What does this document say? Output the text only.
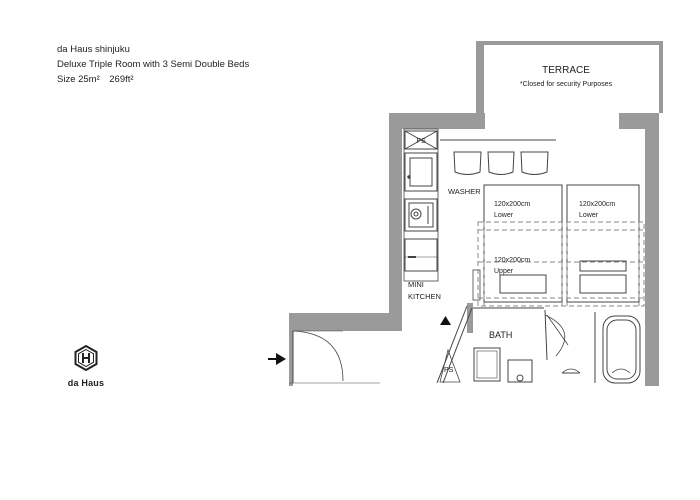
da Haus shinjuku
Deluxe Triple Room with 3 Semi Double Beds
Size 25m² 269ft²
da Haus
TERRACE
*Closed for security Purposes
PS
WASHER
MINI
KITCHEN
120x200cm
Lower
120x200cm
Lower
120x200cm
Upper
BATH
PS
